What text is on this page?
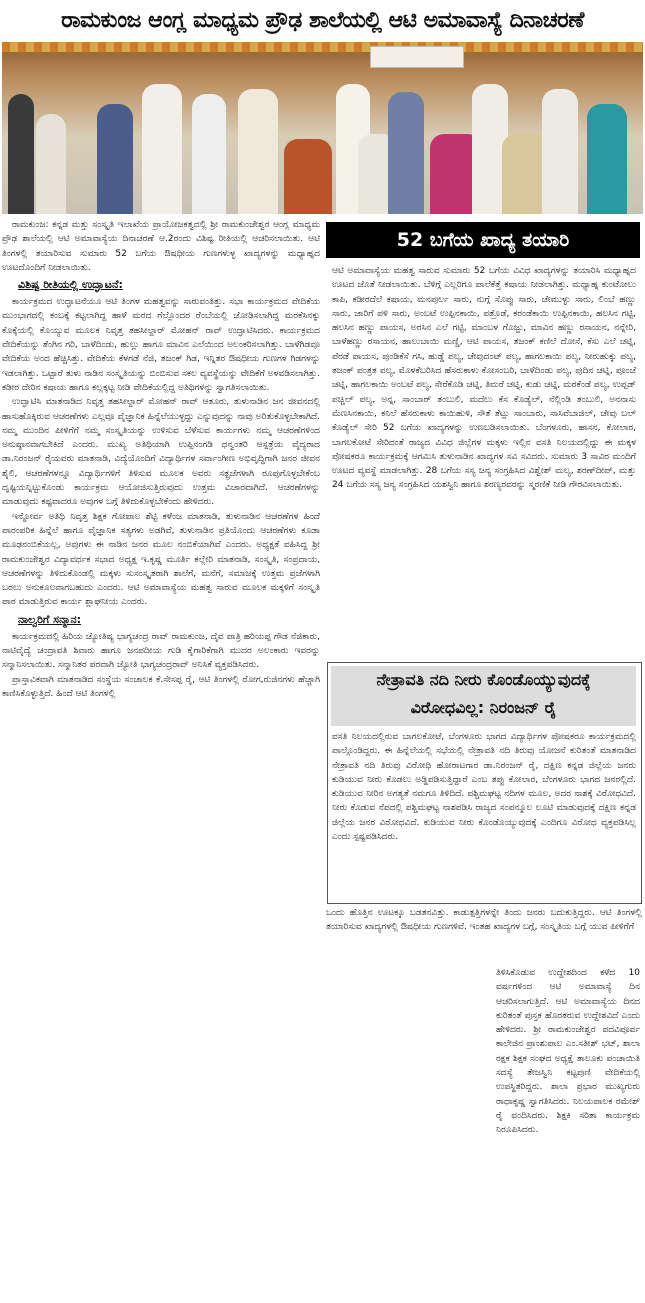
ರಾಮಕುಂಜ ಆಂಗ್ಲ ಮಾಧ್ಯಮ ಪ್ರೌಢ ಶಾಲೆಯಲ್ಲಿ ಆಟಿ ಅಮಾವಾಸ್ಯೆ ದಿನಾಚರಣೆ

ರಾಮಕುಂಜ: ಕನ್ನಡ ಮತ್ತು ಸಂಸ್ಕೃತಿ ಇಲಾಖೆಯ ಪ್ರಾಯೋಜಕತ್ವದಲ್ಲಿ ಶ್ರೀ ರಾಮಕುಂಜೇಶ್ವರ ಆಂಗ್ಲ ಮಾಧ್ಯಮ ಪ್ರೌಢ ಶಾಲೆಯಲ್ಲಿ ಆಟಿ ಅಮಾವಾಸ್ಯೆಯ ದಿನಾಚರಣೆ ಆ.2ರಂದು ವಿಶಿಷ್ಟ ರೀತಿಯಲ್ಲಿ ಆಚರಿಸಲಾಯಿತು. ಆಟಿ ತಿಂಗಳಲ್ಲಿ ತಯಾರಿಸುವ ಸುಮಾರು 52 ಬಗೆಯ ಔಷಧೀಯ ಗುಣಗಳುಳ್ಳ ಖಾದ್ಯಗಳನ್ನು ಮಧ್ಯಾಹ್ನದ ಊಟದೊಂದಿಗೆ ನೀಡಲಾಯಿತು.

ವಿಶಿಷ್ಟ ರೀತಿಯಲ್ಲಿ ಉದ್ಘಾಟನೆ:

ಕಾರ್ಯಕ್ರಮದ ಉದ್ಘಾಟನೆಯೂ ಆಟಿ ತಿಂಗಳ ಮಹತ್ವವನ್ನು ಸಾರುವಂತಿತ್ತು. ಸಭಾ ಕಾರ್ಯಕ್ರಮದ ವೇದಿಕೆಯ ಮುಂಭಾಗದಲ್ಲಿ ಕಂಬಕ್ಕೆ ಕಟ್ಟಲಾಗಿದ್ದ ಹಾಳೆ ಮರದ ಗೆಲ್ಲೊಂದರ ರೆಂಬೆಯಲ್ಲಿ ಜೋಡಿಸಲಾಗಿದ್ದ ಮರಕೆಸಿನಕ್ಕು ಕೊಕ್ಕೆಯಲ್ಲಿ ಕೊಯ್ಯುವ ಮೂಲಕ ನಿವೃತ್ತ ತಹಸೀಲ್ದಾರ್ ಮೋಹನ್ ರಾವ್ ಉದ್ಘಾಟಿಸಿದರು. ಕಾರ್ಯಕ್ರಮದ ವೇದಿಕೆಯನ್ನು ತೆಂಗಿನ ಗರಿ, ಬಾಳೆದಿಂಡು, ಹುಲ್ಲು ಹಾಗೂ ಮಾವಿನ ಎಲೆಯಿಂದ ಅಲಂಕರಿಸಲಾಗಿತ್ತು. ಬಾಳೆಗಿಡವೂ ವೇದಿಕೆಯ ಅಂದ ಹೆಚ್ಚಿಸಿತ್ತು. ವೇದಿಕೆಯ ಕೆಳಗಡೆ ನೆಜಿ, ತಜಂಕ್ ಗಿಡ, ಇನ್ನಿತರ ಔಷಧೀಯ ಗುಣಗಳ ಗಿಡಗಳನ್ನು ಇಡಲಾಗಿತ್ತು. ಒಟ್ಟಾರೆ ತುಳು ನಾಡಿನ ಸಂಸ್ಕೃತಿಯನ್ನು ಬಿಂಬಿಸುವ ಸಕಲ ವ್ಯವಸ್ಥೆಯನ್ನು ವೇದಿಕೆಗೆ ಅಳವಡಿಸಲಾಗಿತ್ತು. ಕಡೀರ ದೇರಿನ ಕಷಾಯ ಹಾಗೂ ಕಲ್ಲಕ್ಕಟ್ಟ ನೀಡಿ ವೇದಿಕೆಯಲ್ಲಿದ್ದ ಅತಿಥಿಗಳನ್ನು ಸ್ವಾಗತಿಸಲಾಯಿತು.

ಉದ್ಘಾಟಿಸಿ ಮಾತನಾಡಿದ ನಿವೃತ್ತ ತಹಸೀಲ್ದಾರ್ ಮೋಹನ್ ರಾವ್ ಆತೂರು, ತುಳುನಾಡಿನ ಜನ ಜೀವನದಲ್ಲಿ ಹಾಸುಹೊಕ್ಕಿರುವ ಆಚರಣೆಗಳು ಎಲ್ಲವೂ ವೈಜ್ಞಾನಿಕ ಹಿನ್ನೆಲೆಯುಳ್ಳದ್ದು ಎನ್ನುವುದನ್ನು ನಾವು ಅರಿತುಕೊಳ್ಳಬೇಕಾಗಿದೆ. ನಮ್ಮ ಮುಂದಿನ ಪೀಳಿಗೆಗೆ ನಮ್ಮ ಸಂಸ್ಕೃತಿಯನ್ನು ಉಳಿಸುವ ಬೆಳೆಸುವ ಕಾರ್ಯಗಳು ನಮ್ಮ ಆಚರಣೆಗಳಿಂದ ಅನುಷ್ಠಾನವಾಗಬೇಕಿದೆ ಎಂದರು. ಮುಖ್ಯ ಅತಿಥಿಯಾಗಿ ಉಪ್ಪಿನಂಗಡಿ ಧನ್ವಂತರಿ ಆಸ್ಪತ್ರೆಯ ವೈದ್ಯರಾದ ಡಾ.ನಿರಂಜನ್ ರೈಯವರು ಮಾತನಾಡಿ, ವಿದ್ಯೆಯೊಂದಿಗೆ ವಿದ್ಯಾರ್ಥಿಗಳ ಸರ್ವಾಂಗೀಣ ಅಭಿವೃದ್ಧಿಗಾಗಿ ಜನರ ಜೀವನ ಶೈಲಿ, ಆಚರಣೆಗಳನ್ನೂ ವಿದ್ಯಾರ್ಥಿಗಳಿಗೆ ತಿಳಿಸುವ ಮೂಲಕ ಅವರು ಸತ್ಪ್ರಜೆಗಳಾಗಿ ರೂಪುಗೊಳ್ಳಬೇಕೆಂಬ ದೃಷ್ಟಿಯನ್ನಿಟ್ಟುಕೊಂಡು ಕಾರ್ಯಕ್ರಮ ಆಯೋಜಿಸುತ್ತಿರುವುದು ಉತ್ತಮ ವಿಚಾರವಾಗಿದೆ. ಆಚರಣೆಗಳನ್ನು ಮಾಡುವುದು ಕಷ್ಟವಾದರೂ ಅವುಗಳ ಬಗ್ಗೆ ತಿಳಿದುಕೊಳ್ಳಬೇಕೆಂದು ಹೇಳಿದರು.

ಇನ್ನೋರ್ವ ಅತಿಥಿ ನಿವೃತ್ತ ಶಿಕ್ಷಕ ಗೋಪಾಲ ಶೆಟ್ಟಿ ಕಳೆಂಜ ಮಾತನಾಡಿ, ತುಳುನಾಡಿನ ಆಚರಣೆಗಳ ಹಿಂದೆ ಪಾರಂಪರಿಕ ಹಿನ್ನೆಲೆ ಹಾಗೂ ವೈಜ್ಞಾನಿಕ ಸತ್ಯಗಳು ಅಡಗಿವೆ, ತುಳುನಾಡಿನ ಪ್ರತಿಯೊಂದು ಆಚರಣೆಗಳು ಕೂಡಾ ಮೂಢನಂಬಿಕೆಯಲ್ಲ, ಅವುಗಳು ಈ ನಾಡಿನ ಜನರ ಮೂಲ ನಂಬಿಕೆಯಾಗಿವೆ ಎಂದರು. ಅಧ್ಯಕ್ಷತೆ ವಹಿಸಿದ್ದ ಶ್ರೀ ರಾಮಕುಂಜೇಶ್ವರ ವಿದ್ಯಾವರ್ಧಕ ಸಭಾದ ಅಧ್ಯಕ್ಷ ಇ.ಕೃಷ್ಣ ಮೂರ್ತಿ ಕಲ್ಲೇರಿ ಮಾತನಾಡಿ, ಸಂಸ್ಕೃತಿ, ಸಂಪ್ರದಾಯ, ಆಚರಣೆಗಳನ್ನು ತಿಳಿದುಕೊಂಡಲ್ಲಿ ಮಕ್ಕಳು ಸುಸಂಸ್ಕೃತರಾಗಿ ಶಾಲೆಗೆ, ಮನೆಗೆ, ಸಮಾಜಕ್ಕೆ ಉತ್ತಮ ಪ್ರಜೆಗಳಾಗಿ ಬರಲು ಅನುಕೂಲವಾಗಬಹುದು ಎಂದರು. ಆಟಿ ಅಮಾವಾಸ್ಯೆಯ ಮಹತ್ವ ಸಾರುವ ಮೂಲಕ ಮಕ್ಕಳಿಗೆ ಸಂಸ್ಕೃತಿ ಪಾಠ ಮಾಡುತ್ತಿರುವ ಕಾರ್ಯ ಶ್ಲಾಘನೀಯ ಎಂದರು.

ನಾಲ್ವರಿಗೆ ಸನ್ಮಾನ:

ಕಾರ್ಯಕ್ರಮದಲ್ಲಿ ಹಿರಿಯ ಜ್ಯೋತಿಷ್ಯ ಭಾಗ್ಯಚಂದ್ರ ರಾವ್ ರಾಮಕುಂಜ, ದೈವ ಪಾತ್ರಿ ಹರಿಯಪ್ಪ ಗೌಡ ನೆಜಿಕಾರು, ನಾಟಿವೈದ್ಯೆ ಚಂದ್ರಾವತಿ ಶಿವಾರು ಹಾಗೂ ಜನಪದೀಯ ಗುಡಿ ಕೈಗಾರಿಕೆಗಾಗಿ ಮುದರ ಅಲಂಕಾರು ಇವರನ್ನು ಸನ್ಮಾನಿಸಲಾಯಿತು. ಸನ್ಮಾನಿತರ ಪರವಾಗಿ ಜ್ಯೋತಿ ಭಾಗ್ಯಚಂದ್ರರಾವ್ ಅನಿಸಿಕೆ ವ್ಯಕ್ತಪಡಿಸಿದರು.

ಪ್ರಾಸ್ತಾವಿಕವಾಗಿ ಮಾತನಾಡಿದ ಸಂಸ್ಥೆಯ ಸಂಚಾಲಕ ಕೆ.ಸೇಸಪ್ಪ ರೈ, ಆಟಿ ತಿಂಗಳಲ್ಲಿ ರೋಗ,ರುಜಿನಗಳು ಹೆಚ್ಚಾಗಿ ಕಾಣಿಸಿಕೊಳ್ಳುತ್ತಿದೆ. ಹಿಂದೆ ಆಟಿ ತಿಂಗಳಲ್ಲಿ

52 ಬಗೆಯ ಖಾದ್ಯ ತಯಾರಿ
ಆಟಿ ಅಮಾವಾಸ್ಯೆಯ ಮಹತ್ವ ಸಾರುವ ಸುಮಾರು 52 ಬಗೆಯ ವಿವಿಧ ಖಾದ್ಯಗಳನ್ನು ತಯಾರಿಸಿ ಮಧ್ಯಾಹ್ನದ ಊಟದ ಜೊತೆ ನೀಡಲಾಯಿತು. ಬೆಳಿಗ್ಗೆ ಎಲ್ಲರಿಗೂ ಪಾಲೆಕೆತ್ತೆ ಕಷಾಯ ನೀಡಲಾಗಿತ್ತು. ಮಧ್ಯಾಹ್ನ ಕುಂಟೋಲು ಕಾಪಿ, ಕಡೀರದೆಲೆ ಕಷಾಯ, ಮನಪುರ್ಲ ಸಾರು, ನುಗ್ಗೆ ಸೊಪ್ಪು ಸಾರು, ಚೇಮುಳ್ಳು ಸಾರು, ಲಿಂಬೆ ಹಣ್ಣು ಸಾರು, ಜಾರಿಗೆ ಪಳಿ ಸಾರು, ಅಂಬಟೆ ಉಪ್ಪಿನಕಾಯಿ, ಪತ್ರೊಡೆ, ಕರಂಡೆಕಾಯಿ ಉಪ್ಪಿನಕಾಯಿ, ಹಲಸಿನ ಗಟ್ಟಿ, ಹಲಸಿನ ಹಣ್ಣು ಪಾಯಸ, ಅರಸಿನ ಎಲೆ ಗಟ್ಟಿ, ಮಾಂಬಳ ಗೊಜ್ಜು, ಮಾವಿನ ಹಣ್ಣು ರಸಾಯನ, ನನ್ನೇರಿ, ಬಾಳೆಹಣ್ಣು ರಸಾಯನ, ಹಾಲುಬಾಯಿ ಮಣ್ಣಿ, ಆಟಿ ಪಾಯಸ, ತಜಂಕ್ ಕಣಿಲೆ ದೋಸೆ, ಕೆಸು ಎಲೆ ಚಟ್ನಿ, ಪೆರಡೆ ಪಾಯಸ, ಪುಂಡಿಕೆಸೆ ಗಸಿ, ಹುಡ್ಡೆ ಪಲ್ಯ, ಚೇವುದಂಟ್ ಪಲ್ಯ, ಹಾಗಲಕಾಯಿ ಪಲ್ಯ, ನೀರುಹುಕ್ಕು ಪಲ್ಯ, ತಜಂಕ್ ಪಂತ್ರತ ಪಲ್ಯ, ಮೊಳಕೆಬರಿಸಿದ ಹೆಸರುಕಾಳು ಕೋಸಂಬರಿ, ಬಾಳೆದಿಂಡು ಪಲ್ಯ, ಪುದಿನ ಚಟ್ನಿ, ಪೂಂಜೆ ಚಟ್ನಿ, ಹಾಗಲಕಾಯಿ ಅಂಬಟೆ ಪಲ್ಯ, ಸೇರೆಕೊಡಿ ಚಟ್ನಿ, ತಿಮರೆ ಚಟ್ನಿ, ಕುಡು ಚಟ್ನಿ, ಮರಕೆಂಡೆ ಪಲ್ಯ, ಉಪ್ಪಡ್ ಪಚ್ಚಿಲ್ ಪಲ್ಯ, ಅನ್ನ, ಸಾಂಬಾರ್ ತಂಬುಲಿ, ಮದೆಲು ಕೆಸ ಕೊಡ್ಯೆಲ್, ನೆಲ್ಲಿಂಡಿ ತಂಬುಲಿ, ಅನನಾಸು ಮೆಣಸಿನಕಾಯಿ, ಕನಿಲೆ ಹೆಸರುಕಾಳು ಕಾಯಿಹುಳಿ, ಸೌತೆ ತೆಟ್ಲು ಸಾಂಬಾರು, ಸಾಸಿವೆಬಾಜಿಲ್, ಚೇವು ಬಲ್ ಕೊಡ್ಯೆಲ್ ಸೇರಿ 52 ಬಗೆಯ ಖಾದ್ಯಗಳನ್ನು ಉಣಬಡಿಸಲಾಯಿತು. ಬೆಂಗಳೂರು, ಹಾಸನ, ಕೋಲಾರ, ಬಾಗಲಕೋಟೆ ಸೇರಿದಂತೆ ರಾಜ್ಯದ ವಿವಿಧ ಜಿಲ್ಲೆಗಳ ಮಕ್ಕಳು ಇಲ್ಲಿನ ವಸತಿ ನಿಲಯದಲ್ಲಿದ್ದು ಈ ಮಕ್ಕಳ ಪೋಷಕರೂ ಕಾರ್ಯಕ್ರಮಕ್ಕೆ ಆಗಮಿಸಿ ತುಳುನಾಡಿನ ಖಾದ್ಯಗಳ ಸವಿ ಸವಿದರು. ಸುಮಾರು 3 ಸಾವಿರ ಮಂದಿಗೆ ಊಟದ ವ್ಯವಸ್ಥೆ ಮಾಡಲಾಗಿತ್ತು. 28 ಬಗೆಯ ಸಸ್ಯ ಜನ್ಯ ಸಂಗ್ರಹಿಸಿದ ವಿಶ್ವೇಶ್ ಮಲ್ಯ, ಶರಣ್‌ದೀಪ್, ಮತ್ತು 24 ಬಗೆಯ ಸಸ್ಯ ಜನ್ಯ ಸಂಗ್ರಹಿಸಿದ ಯಶಸ್ವಿನಿ ಹಾಗೂ ಶರಣ್ಯರವರನ್ನು ಸ್ಮರಣಿಕೆ ನೀಡಿ ಗೌರವಿಸಲಾಯಿತು.
ನೇತ್ರಾವತಿ ನದಿ ನೀರು ಕೊಂಡೊಯ್ಯುವುದಕ್ಕೆ
ವಿರೋಧವಿಲ್ಲ: ನಿರಂಜನ್ ರೈ
ವಸತಿ ನಿಲಯದಲ್ಲಿರುವ ಬಾಗಲಕೋಟೆ, ಬೆಂಗಳೂರು ಭಾಗದ ವಿದ್ಯಾರ್ಥಿಗಳ ಪೋಷಕರೂ ಕಾರ್ಯಕ್ರಮದಲ್ಲಿ ಪಾಲ್ಗೊಂಡಿದ್ದರು. ಈ ಹಿನ್ನೆಲೆಯಲ್ಲಿ ಸಭೆಯಲ್ಲಿ ನೇತ್ರಾವತಿ ನದಿ ತಿರುವು ಯೋಜನೆ ಕುರಿತಂತೆ ಮಾತನಾಡಿದ ನೇತ್ರಾವತಿ ನದಿ ತಿರುವು ವಿರೋಧಿ ಹೋರಾಟಗಾರ ಡಾ.ನಿರಂಜನ್ ರೈ, ದಕ್ಷಿಣ ಕನ್ನಡ ಜಿಲ್ಲೆಯ ಜನರು ಕುಡಿಯುವ ನೀರು ಕೊಡಲು ಅಡ್ಡಿಪಡಿಸುತ್ತಿದ್ದಾರೆ ಎಂಬ ತಪ್ಪು ಕೋಲಾರ, ಬೆಂಗಳೂರು ಭಾಗದ ಜನರಲ್ಲಿದೆ. ಕುಡಿಯುವ ನೀರಿನ ಅಗತ್ಯತೆ ನಮಗೂ ತಿಳಿದಿದೆ. ಪಶ್ಚಿಮಘಟ್ಟ ನದಿಗಳ ಮೂಲ, ಅದರ ನಾಶಕ್ಕೆ ವಿರೋಧವಿದೆ. ನೀರು ಕೊಡುವ ನೆಪದಲ್ಲಿ ಪಶ್ಚಿಮಘಟ್ಟ ನಾಶಪಡಿಸಿ ರಾಜ್ಯದ ಸಂಪನ್ಮೂಲ ಲೂಟಿ ಮಾಡುವುದಕ್ಕೆ ದಕ್ಷಿಣ ಕನ್ನಡ ಜಿಲ್ಲೆಯ ಜನರ ವಿರೋಧವಿದೆ. ಕುಡಿಯುವ ನೀರು ಕೊಂಡೊಯ್ಯುವುದಕ್ಕೆ ಎಂದಿಗೂ ವಿರೋಧ ವ್ಯಕ್ತಪಡಿಸಿಲ್ಲ ಎಂದು ಸ್ಪಷ್ಟಪಡಿಸಿದರು.
ಒಂದು ಹೊತ್ತಿನ ಊಟಕ್ಕೂ ಬಡತನವಿತ್ತು. ಕಾಡುತ್ಪತ್ತಿಗಳನ್ನೇ ತಿಂದು ಜನರು ಬದುಕುತ್ತಿದ್ದರು. ಆಟಿ ತಿಂಗಳಲ್ಲಿ ತಯಾರಿಸುವ ಖಾದ್ಯಗಳಲ್ಲಿ ಔಷಧೀಯ ಗುಣಗಳಿವೆ. ಇಂತಹ ಖಾದ್ಯಗಳ ಬಗ್ಗೆ, ಸಂಸ್ಕೃತಿಯ ಬಗ್ಗೆ ಯುವ ಪೀಳಿಗೆಗೆ
ತಿಳಿಸಿಕೊಡುವ ಉದ್ದೇಶದಿಂದ ಕಳೆದ 10 ವರ್ಷಗಳಿಂದ ಆಟಿ ಅಮಾವಾಸ್ಯೆ ದಿನ ಆಚರಿಸಲಾಗುತ್ತಿದೆ. ಆಟಿ ಅಮಾವಾಸ್ಯೆಯ ದಿನದ ಕುರಿತಂತೆ ಪುಸ್ತಕ ಹೊರತರುವ ಉದ್ದೇಶವಿದೆ ಎಂದು ಹೇಳಿದರು. ಶ್ರೀ ರಾಮಕುಂಜೇಶ್ವರ ಪದವಿಪೂರ್ವ ಕಾಲೇಜಿನ ಪ್ರಾಂಶುಪಾಲ ಎಂ.ಸತೀಶ್ ಭಟ್, ಶಾಲಾ ರಕ್ಷಕ ಶಿಕ್ಷಕ ಸಂಘದ ಅಧ್ಯಕ್ಷೆ ತಾಲೂಕು ಪಂಚಾಯಿತಿ ಸದಸ್ಯೆ ತೇಜಸ್ವಿನಿ ಕಟ್ಟಪುಣಿ ವೇದಿಕೆಯಲ್ಲಿ ಉಪಸ್ಥಿತರಿದ್ದರು. ಶಾಲಾ ಪ್ರಭಾರ ಮುಖ್ಯಗುರು ರಾಧಾಕೃಷ್ಣ ಸ್ವಾಗತಿಸಿದರು. ನಿಲಯಪಾಲಕ ರಮೇಶ್ ರೈ ವಂದಿಸಿದರು. ಶಿಕ್ಷಕಿ ಸರಿತಾ ಕಾರ್ಯಕ್ರಮ ನಿರೂಪಿಸಿದರು.
